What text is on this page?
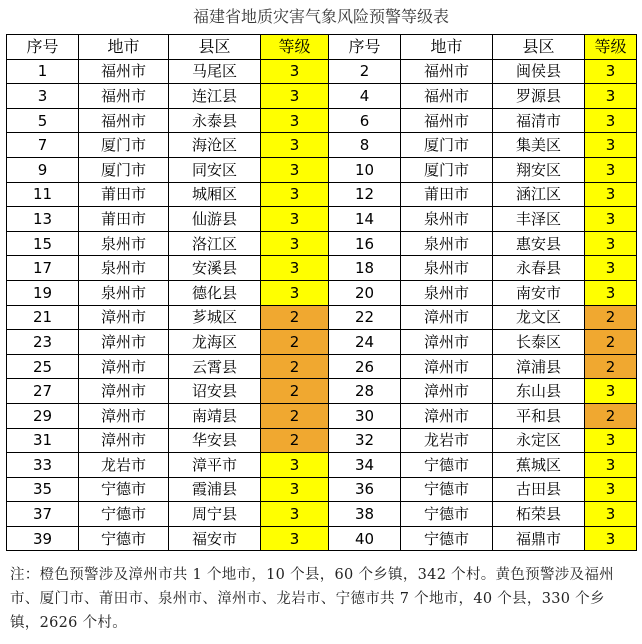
福建省地质灾害气象风险预警等级表
序号	地市	县区	等级	序号	地市	县区	等级
1	福州市	马尾区	3	2	福州市	闽侯县	3
3	福州市	连江县	3	4	福州市	罗源县	3
5	福州市	永泰县	3	6	福州市	福清市	3
7	厦门市	海沧区	3	8	厦门市	集美区	3
9	厦门市	同安区	3	10	厦门市	翔安区	3
11	莆田市	城厢区	3	12	莆田市	涵江区	3
13	莆田市	仙游县	3	14	泉州市	丰泽区	3
15	泉州市	洛江区	3	16	泉州市	惠安县	3
17	泉州市	安溪县	3	18	泉州市	永春县	3
19	泉州市	德化县	3	20	泉州市	南安市	3
21	漳州市	芗城区	2	22	漳州市	龙文区	2
23	漳州市	龙海区	2	24	漳州市	长泰区	2
25	漳州市	云霄县	2	26	漳州市	漳浦县	2
27	漳州市	诏安县	2	28	漳州市	东山县	3
29	漳州市	南靖县	2	30	漳州市	平和县	2
31	漳州市	华安县	2	32	龙岩市	永定区	3
33	龙岩市	漳平市	3	34	宁德市	蕉城区	3
35	宁德市	霞浦县	3	36	宁德市	古田县	3
37	宁德市	周宁县	3	38	宁德市	柘荣县	3
39	宁德市	福安市	3	40	宁德市	福鼎市	3
注：橙色预警涉及漳州市共 1 个地市，10 个县，60 个乡镇，342 个村。黄色预警涉及福州市、厦门市、莆田市、泉州市、漳州市、龙岩市、宁德市共 7 个地市，40 个县，330 个乡镇，2626 个村。
